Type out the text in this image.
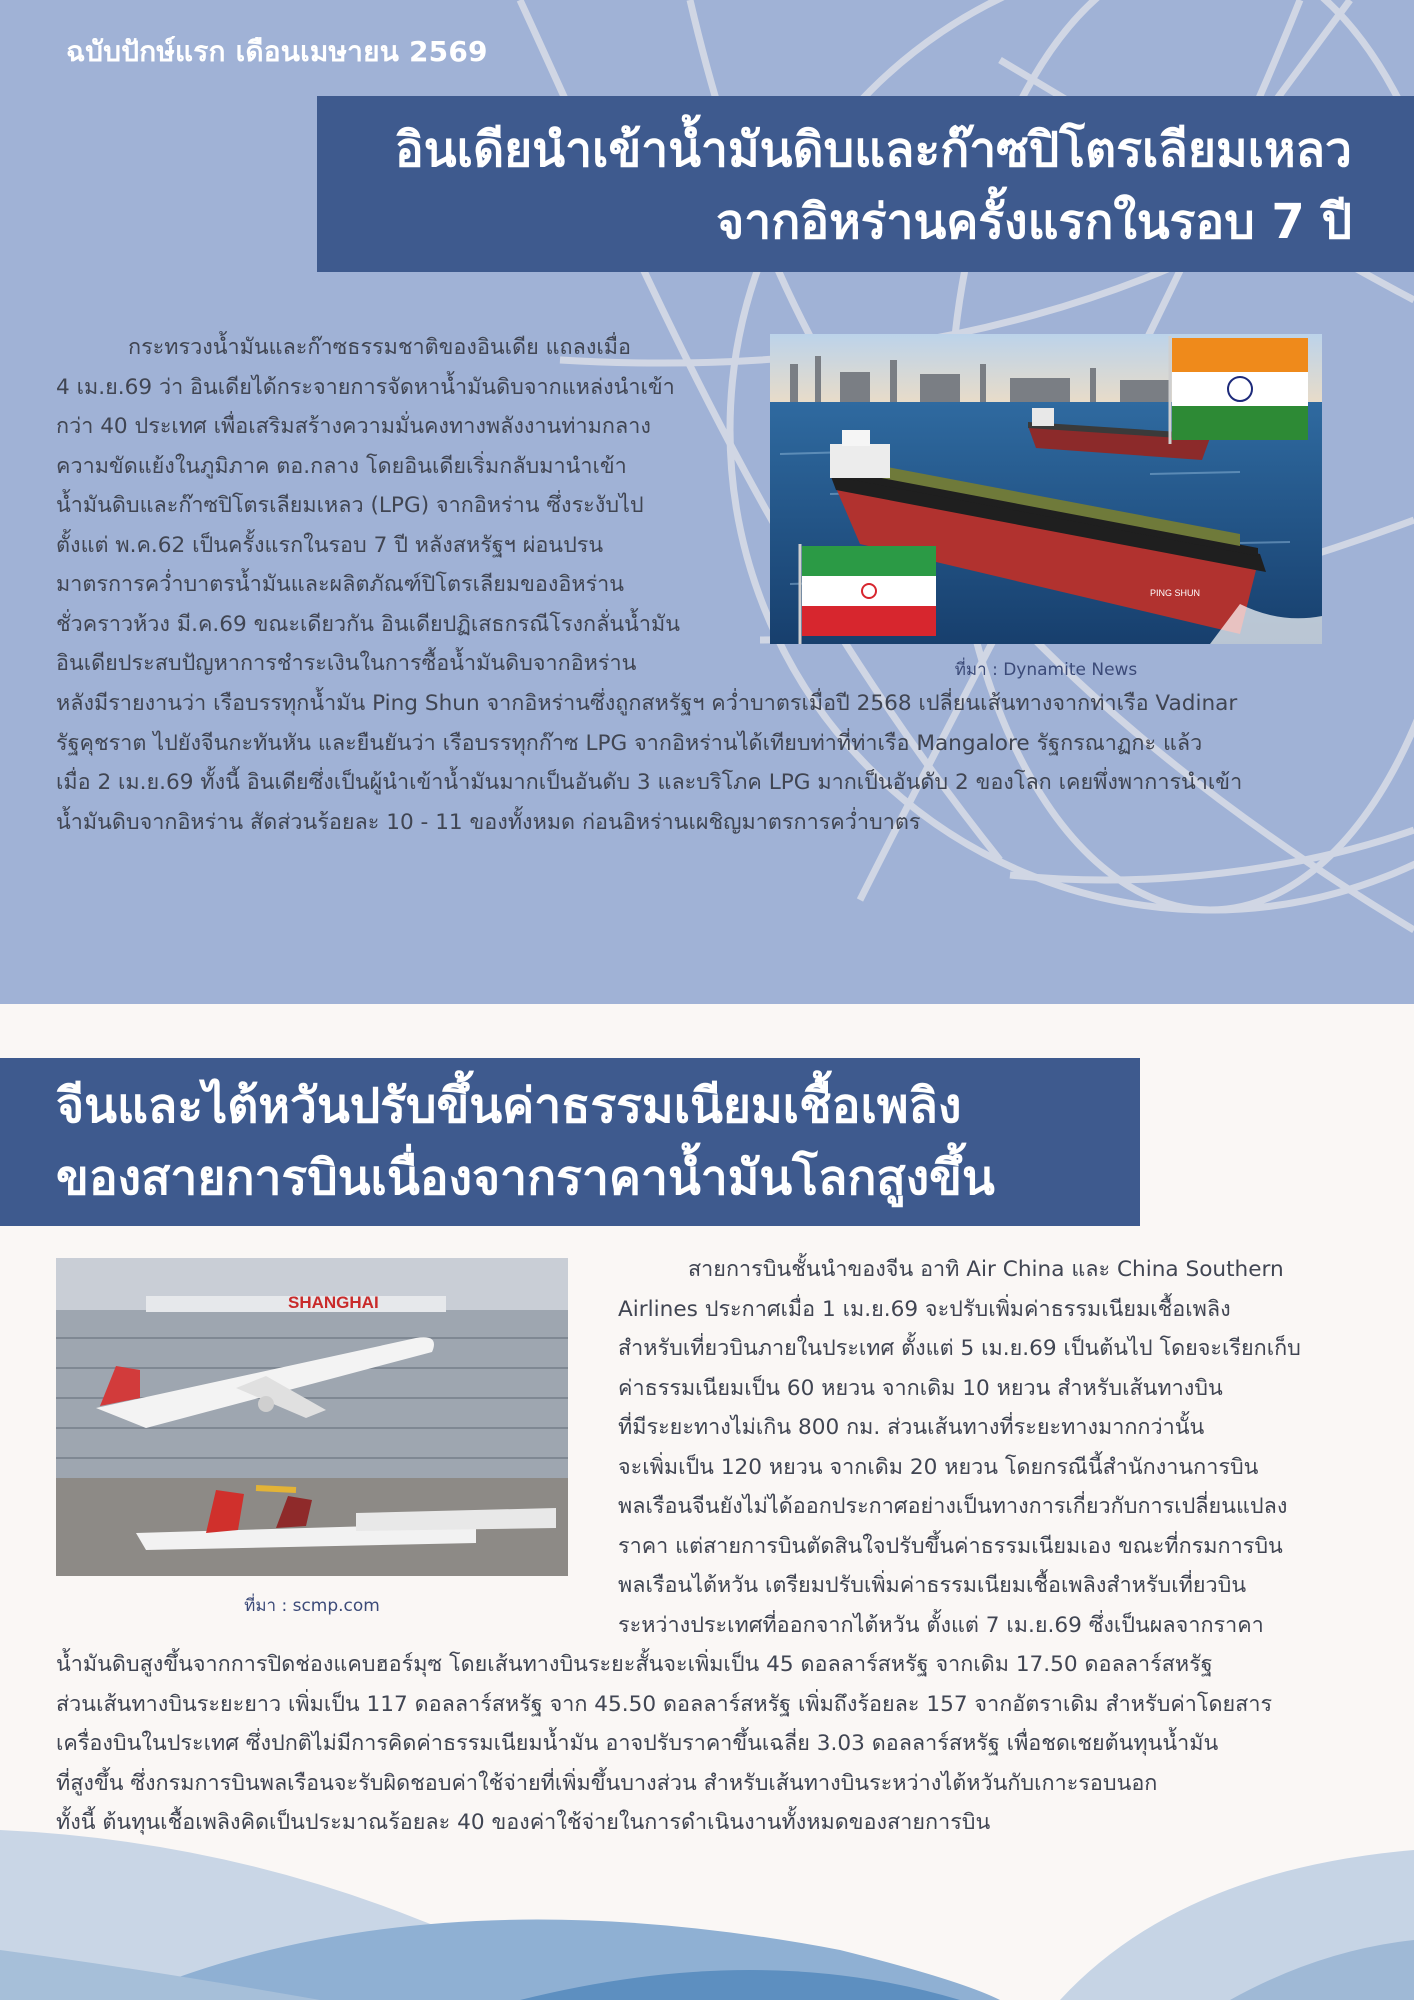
ฉบับปักษ์แรก เดือนเมษายน 2569
อินเดียนำเข้าน้ำมันดิบและก๊าซปิโตรเลียมเหลว
จากอิหร่านครั้งแรกในรอบ 7 ปี
กระทรวงน้ำมันและก๊าซธรรมชาติของอินเดีย แถลงเมื่อ
4 เม.ย.69 ว่า อินเดียได้กระจายการจัดหาน้ำมันดิบจากแหล่งนำเข้า
กว่า 40 ประเทศ เพื่อเสริมสร้างความมั่นคงทางพลังงานท่ามกลาง
ความขัดแย้งในภูมิภาค ตอ.กลาง โดยอินเดียเริ่มกลับมานำเข้า
น้ำมันดิบและก๊าซปิโตรเลียมเหลว (LPG) จากอิหร่าน ซึ่งระงับไป
ตั้งแต่ พ.ค.62 เป็นครั้งแรกในรอบ 7 ปี หลังสหรัฐฯ ผ่อนปรน
มาตรการคว่ำบาตรน้ำมันและผลิตภัณฑ์ปิโตรเลียมของอิหร่าน
ชั่วคราวห้วง มี.ค.69 ขณะเดียวกัน อินเดียปฏิเสธกรณีโรงกลั่นน้ำมัน
อินเดียประสบปัญหาการชำระเงินในการซื้อน้ำมันดิบจากอิหร่าน
หลังมีรายงานว่า เรือบรรทุกน้ำมัน Ping Shun จากอิหร่านซึ่งถูกสหรัฐฯ คว่ำบาตรเมื่อปี 2568 เปลี่ยนเส้นทางจากท่าเรือ Vadinar
รัฐคุชราต ไปยังจีนกะทันหัน และยืนยันว่า เรือบรรทุกก๊าซ LPG จากอิหร่านได้เทียบท่าที่ท่าเรือ Mangalore รัฐกรณาฏกะ แล้ว
เมื่อ 2 เม.ย.69 ทั้งนี้ อินเดียซึ่งเป็นผู้นำเข้าน้ำมันมากเป็นอันดับ 3 และบริโภค LPG มากเป็นอันดับ 2 ของโลก เคยพึ่งพาการนำเข้า
น้ำมันดิบจากอิหร่าน สัดส่วนร้อยละ 10 - 11 ของทั้งหมด ก่อนอิหร่านเผชิญมาตรการคว่ำบาตร
PING SHUN
ที่มา : Dynamite News
จีนและไต้หวันปรับขึ้นค่าธรรมเนียมเชื้อเพลิง
ของสายการบินเนื่องจากราคาน้ำมันโลกสูงขึ้น
SHANGHAI
ที่มา : scmp.com
สายการบินชั้นนำของจีน อาทิ Air China และ China Southern
Airlines ประกาศเมื่อ 1 เม.ย.69 จะปรับเพิ่มค่าธรรมเนียมเชื้อเพลิง
สำหรับเที่ยวบินภายในประเทศ ตั้งแต่ 5 เม.ย.69 เป็นต้นไป โดยจะเรียกเก็บ
ค่าธรรมเนียมเป็น 60 หยวน จากเดิม 10 หยวน สำหรับเส้นทางบิน
ที่มีระยะทางไม่เกิน 800 กม. ส่วนเส้นทางที่ระยะทางมากกว่านั้น
จะเพิ่มเป็น 120 หยวน จากเดิม 20 หยวน โดยกรณีนี้สำนักงานการบิน
พลเรือนจีนยังไม่ได้ออกประกาศอย่างเป็นทางการเกี่ยวกับการเปลี่ยนแปลง
ราคา แต่สายการบินตัดสินใจปรับขึ้นค่าธรรมเนียมเอง ขณะที่กรมการบิน
พลเรือนไต้หวัน เตรียมปรับเพิ่มค่าธรรมเนียมเชื้อเพลิงสำหรับเที่ยวบิน
ระหว่างประเทศที่ออกจากไต้หวัน ตั้งแต่ 7 เม.ย.69 ซึ่งเป็นผลจากราคา
น้ำมันดิบสูงขึ้นจากการปิดช่องแคบฮอร์มุซ โดยเส้นทางบินระยะสั้นจะเพิ่มเป็น 45 ดอลลาร์สหรัฐ จากเดิม 17.50 ดอลลาร์สหรัฐ
ส่วนเส้นทางบินระยะยาว เพิ่มเป็น 117 ดอลลาร์สหรัฐ จาก 45.50 ดอลลาร์สหรัฐ เพิ่มถึงร้อยละ 157 จากอัตราเดิม สำหรับค่าโดยสาร
เครื่องบินในประเทศ ซึ่งปกติไม่มีการคิดค่าธรรมเนียมน้ำมัน อาจปรับราคาขึ้นเฉลี่ย 3.03 ดอลลาร์สหรัฐ เพื่อชดเชยต้นทุนน้ำมัน
ที่สูงขึ้น ซึ่งกรมการบินพลเรือนจะรับผิดชอบค่าใช้จ่ายที่เพิ่มขึ้นบางส่วน สำหรับเส้นทางบินระหว่างไต้หวันกับเกาะรอบนอก
ทั้งนี้ ต้นทุนเชื้อเพลิงคิดเป็นประมาณร้อยละ 40 ของค่าใช้จ่ายในการดำเนินงานทั้งหมดของสายการบิน
